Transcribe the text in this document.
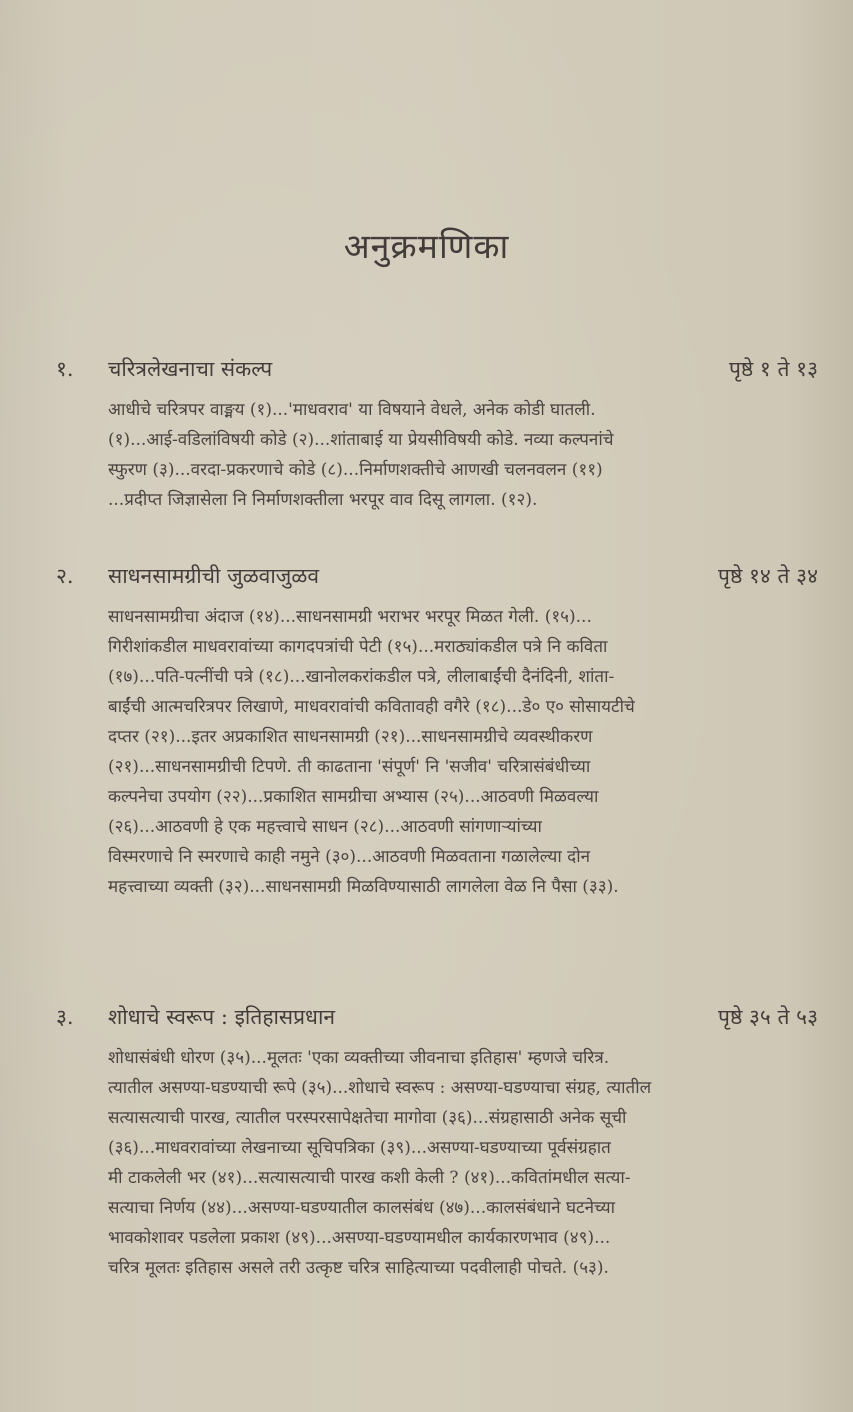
अनुक्रमणिका
१.	चरित्रलेखनाचा संकल्प	पृष्ठे १ ते १३

आधीचे चरित्रपर वाङ्मय (१)...'माधवराव' या विषयाने वेधले, अनेक कोडी घातली.
(१)...आई-वडिलांविषयी कोडे (२)...शांताबाई या प्रेयसीविषयी कोडे. नव्या कल्पनांचे
स्फुरण (३)...वरदा-प्रकरणाचे कोडे (८)...निर्माणशक्तीचे आणखी चलनवलन (११)
...प्रदीप्त जिज्ञासेला नि निर्माणशक्तीला भरपूर वाव दिसू लागला. (१२).

२.	साधनसामग्रीची जुळवाजुळव	पृष्ठे १४ ते ३४

साधनसामग्रीचा अंदाज (१४)...साधनसामग्री भराभर भरपूर मिळत गेली. (१५)...
गिरीशांकडील माधवरावांच्या कागदपत्रांची पेटी (१५)...मराठ्यांकडील पत्रे नि कविता
(१७)...पति-पत्नींची पत्रे (१८)...खानोलकरांकडील पत्रे, लीलाबाईंची दैनंदिनी, शांता-
बाईंची आत्मचरित्रपर लिखाणे, माधवरावांची कवितावही वगैरे (१८)...डे० ए० सोसायटीचे
दप्तर (२१)...इतर अप्रकाशित साधनसामग्री (२१)...साधनसामग्रीचे व्यवस्थीकरण
(२१)...साधनसामग्रीची टिपणे. ती काढताना 'संपूर्ण' नि 'सजीव' चरित्रासंबंधीच्या
कल्पनेचा उपयोग (२२)...प्रकाशित सामग्रीचा अभ्यास (२५)...आठवणी मिळवल्या
(२६)...आठवणी हे एक महत्त्वाचे साधन (२८)...आठवणी सांगणाऱ्यांच्या
विस्मरणाचे नि स्मरणाचे काही नमुने (३०)...आठवणी मिळवताना गळालेल्या दोन
महत्त्वाच्या व्यक्ती (३२)...साधनसामग्री मिळविण्यासाठी लागलेला वेळ नि पैसा (३३).

३.	शोधाचे स्वरूप : इतिहासप्रधान	पृष्ठे ३५ ते ५३

शोधासंबंधी धोरण (३५)...मूलतः 'एका व्यक्तीच्या जीवनाचा इतिहास' म्हणजे चरित्र.
त्यातील असण्या-घडण्याची रूपे (३५)...शोधाचे स्वरूप : असण्या-घडण्याचा संग्रह, त्यातील
सत्यासत्याची पारख, त्यातील परस्परसापेक्षतेचा मागोवा (३६)...संग्रहासाठी अनेक सूची
(३६)...माधवरावांच्या लेखनाच्या सूचिपत्रिका (३९)...असण्या-घडण्याच्या पूर्वसंग्रहात
मी टाकलेली भर (४१)...सत्यासत्याची पारख कशी केली ? (४१)...कवितांमधील सत्या-
सत्याचा निर्णय (४४)...असण्या-घडण्यातील कालसंबंध (४७)...कालसंबंधाने घटनेच्या
भावकोशावर पडलेला प्रकाश (४९)...असण्या-घडण्यामधील कार्यकारणभाव (४९)...
चरित्र मूलतः इतिहास असले तरी उत्कृष्ट चरित्र साहित्याच्या पदवीलाही पोचते. (५३).
